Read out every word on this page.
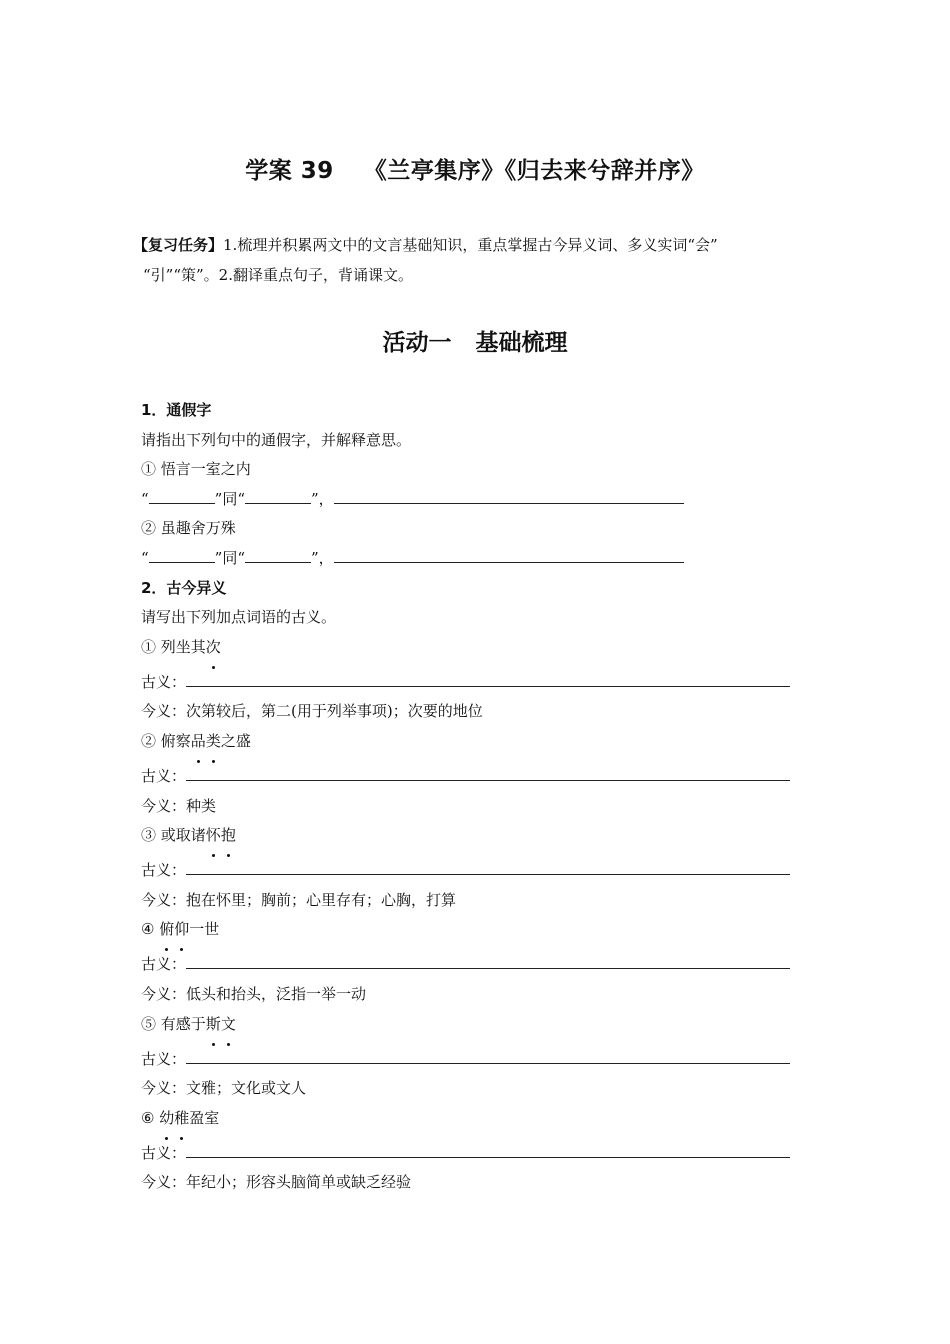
学案 39 《兰亭集序》《归去来兮辞并序》
【复习任务】1.梳理并积累两文中的文言基础知识，重点掌握古今异义词、多义实词“会”
“引”“策”。2.翻译重点句子，背诵课文。
活动一 基础梳理
1．通假字
请指出下列句中的通假字，并解释意思。
① 悟言一室之内
“	”同“	”，
② 虽趣舍万殊
“	”同“	”，
2．古今异义
请写出下列加点词语的古义。
① 列坐其次
古义：
今义：次第较后，第二(用于列举事项)；次要的地位
② 俯察品类之盛
古义：
今义：种类
③ 或取诸怀抱
古义：
今义：抱在怀里；胸前；心里存有；心胸，打算
④ 俯仰一世
古义：
今义：低头和抬头，泛指一举一动
⑤ 有感于斯文
古义：
今义：文雅；文化或文人
⑥ 幼稚盈室
古义：
今义：年纪小；形容头脑简单或缺乏经验
